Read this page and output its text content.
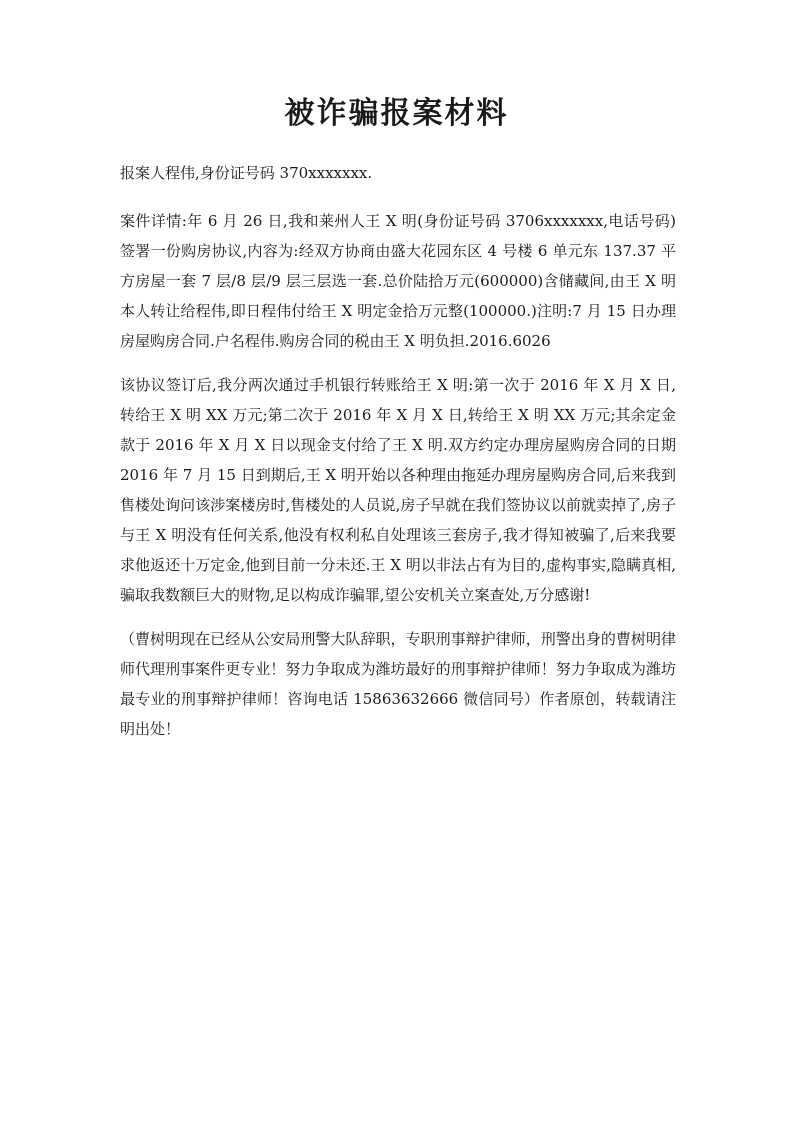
被诈骗报案材料

报案人程伟,身份证号码 370xxxxxxx.

案件详情:年 6 月 26 日,我和莱州人王 X 明(身份证号码 3706xxxxxxx,电话号码)签署一份购房协议,内容为:经双方协商由盛大花园东区 4 号楼 6 单元东 137.37 平方房屋一套 7 层/8 层/9 层三层选一套.总价陆拾万元(600000)含储藏间,由王 X 明本人转让给程伟,即日程伟付给王 X 明定金拾万元整(100000.)注明:7 月 15 日办理房屋购房合同.户名程伟.购房合同的税由王 X 明负担.2016.6026

该协议签订后,我分两次通过手机银行转账给王 X 明:第一次于 2016 年 X 月 X 日,转给王 X 明 XX 万元;第二次于 2016 年 X 月 X 日,转给王 X 明 XX 万元;其余定金款于 2016 年 X 月 X 日以现金支付给了王 X 明.双方约定办理房屋购房合同的日期 2016 年 7 月 15 日到期后,王 X 明开始以各种理由拖延办理房屋购房合同,后来我到售楼处询问该涉案楼房时,售楼处的人员说,房子早就在我们签协议以前就卖掉了,房子与王 X 明没有任何关系,他没有权利私自处理该三套房子,我才得知被骗了,后来我要求他返还十万定金,他到目前一分未还.王 X 明以非法占有为目的,虚构事实,隐瞒真相,骗取我数额巨大的财物,足以构成诈骗罪,望公安机关立案查处,万分感谢!

（曹树明现在已经从公安局刑警大队辞职，专职刑事辩护律师，刑警出身的曹树明律师代理刑事案件更专业！努力争取成为潍坊最好的刑事辩护律师！努力争取成为潍坊最专业的刑事辩护律师！咨询电话 15863632666 微信同号）作者原创，转载请注明出处！
